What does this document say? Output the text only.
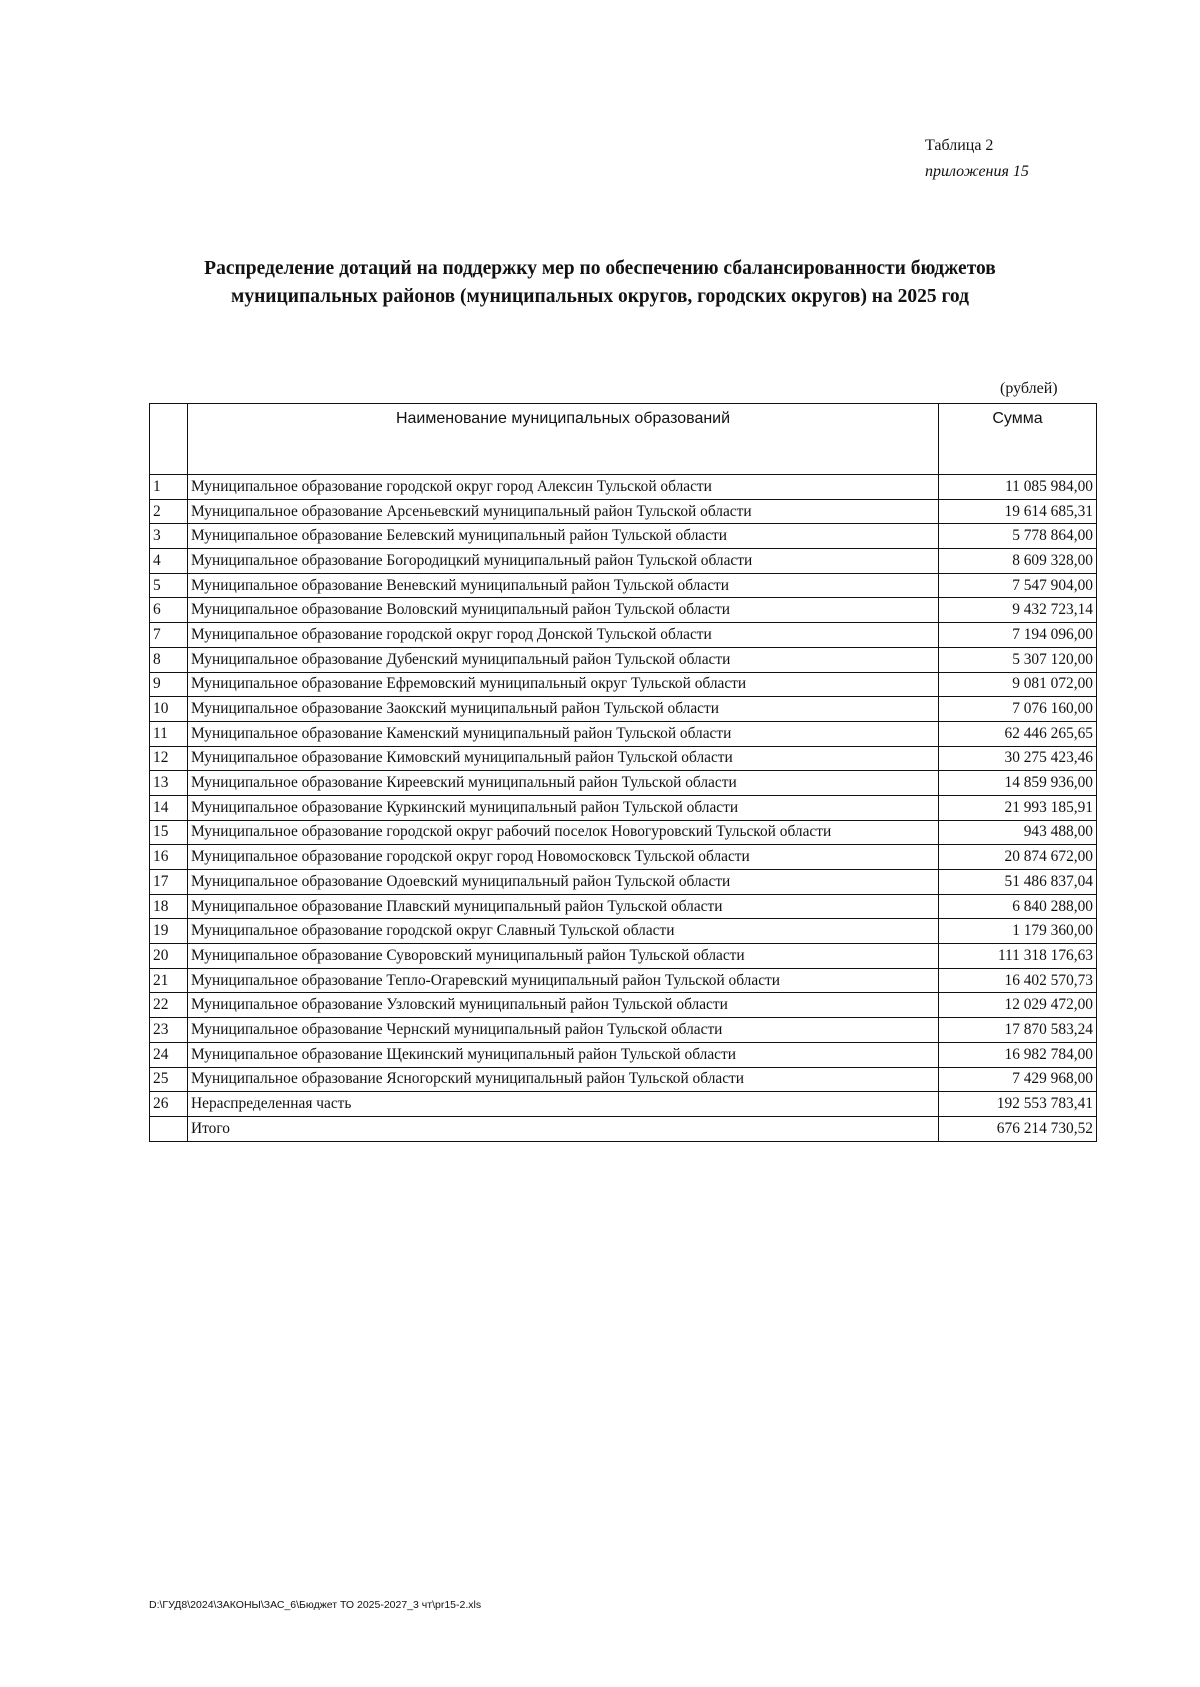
Таблица 2
приложения 15
Распределение дотаций на поддержку мер по обеспечению сбалансированности бюджетов
муниципальных районов (муниципальных округов, городских округов) на 2025 год
(рублей)
	Наименование муниципальных образований	Сумма
1	Муниципальное образование городской округ город Алексин Тульской области	11 085 984,00
2	Муниципальное образование Арсеньевский муниципальный район Тульской области	19 614 685,31
3	Муниципальное образование Белевский муниципальный район Тульской области	5 778 864,00
4	Муниципальное образование Богородицкий муниципальный район Тульской области	8 609 328,00
5	Муниципальное образование Веневский муниципальный район Тульской области	7 547 904,00
6	Муниципальное образование Воловский муниципальный район Тульской области	9 432 723,14
7	Муниципальное образование городской округ город Донской Тульской области	7 194 096,00
8	Муниципальное образование Дубенский муниципальный район Тульской области	5 307 120,00
9	Муниципальное образование Ефремовский муниципальный округ Тульской области	9 081 072,00
10	Муниципальное образование Заокский муниципальный район Тульской области	7 076 160,00
11	Муниципальное образование Каменский муниципальный район Тульской области	62 446 265,65
12	Муниципальное образование Кимовский муниципальный район Тульской области	30 275 423,46
13	Муниципальное образование Киреевский муниципальный район Тульской области	14 859 936,00
14	Муниципальное образование Куркинский муниципальный район Тульской области	21 993 185,91
15	Муниципальное образование городской округ рабочий поселок Новогуровский Тульской области	943 488,00
16	Муниципальное образование городской округ город Новомосковск Тульской области	20 874 672,00
17	Муниципальное образование Одоевский муниципальный район Тульской области	51 486 837,04
18	Муниципальное образование Плавский муниципальный район Тульской области	6 840 288,00
19	Муниципальное образование городской округ Славный Тульской области	1 179 360,00
20	Муниципальное образование Суворовский муниципальный район Тульской области	111 318 176,63
21	Муниципальное образование Тепло-Огаревский муниципальный район Тульской области	16 402 570,73
22	Муниципальное образование Узловский муниципальный район Тульской области	12 029 472,00
23	Муниципальное образование Чернский муниципальный район Тульской области	17 870 583,24
24	Муниципальное образование Щекинский муниципальный район Тульской области	16 982 784,00
25	Муниципальное образование Ясногорский муниципальный район Тульской области	7 429 968,00
26	Нераспределенная часть	192 553 783,41
	Итого	676 214 730,52
D:\ГУД8\2024\ЗАКОНЫ\ЗАС_6\Бюджет ТО 2025-2027_3 чт\pr15-2.xls
